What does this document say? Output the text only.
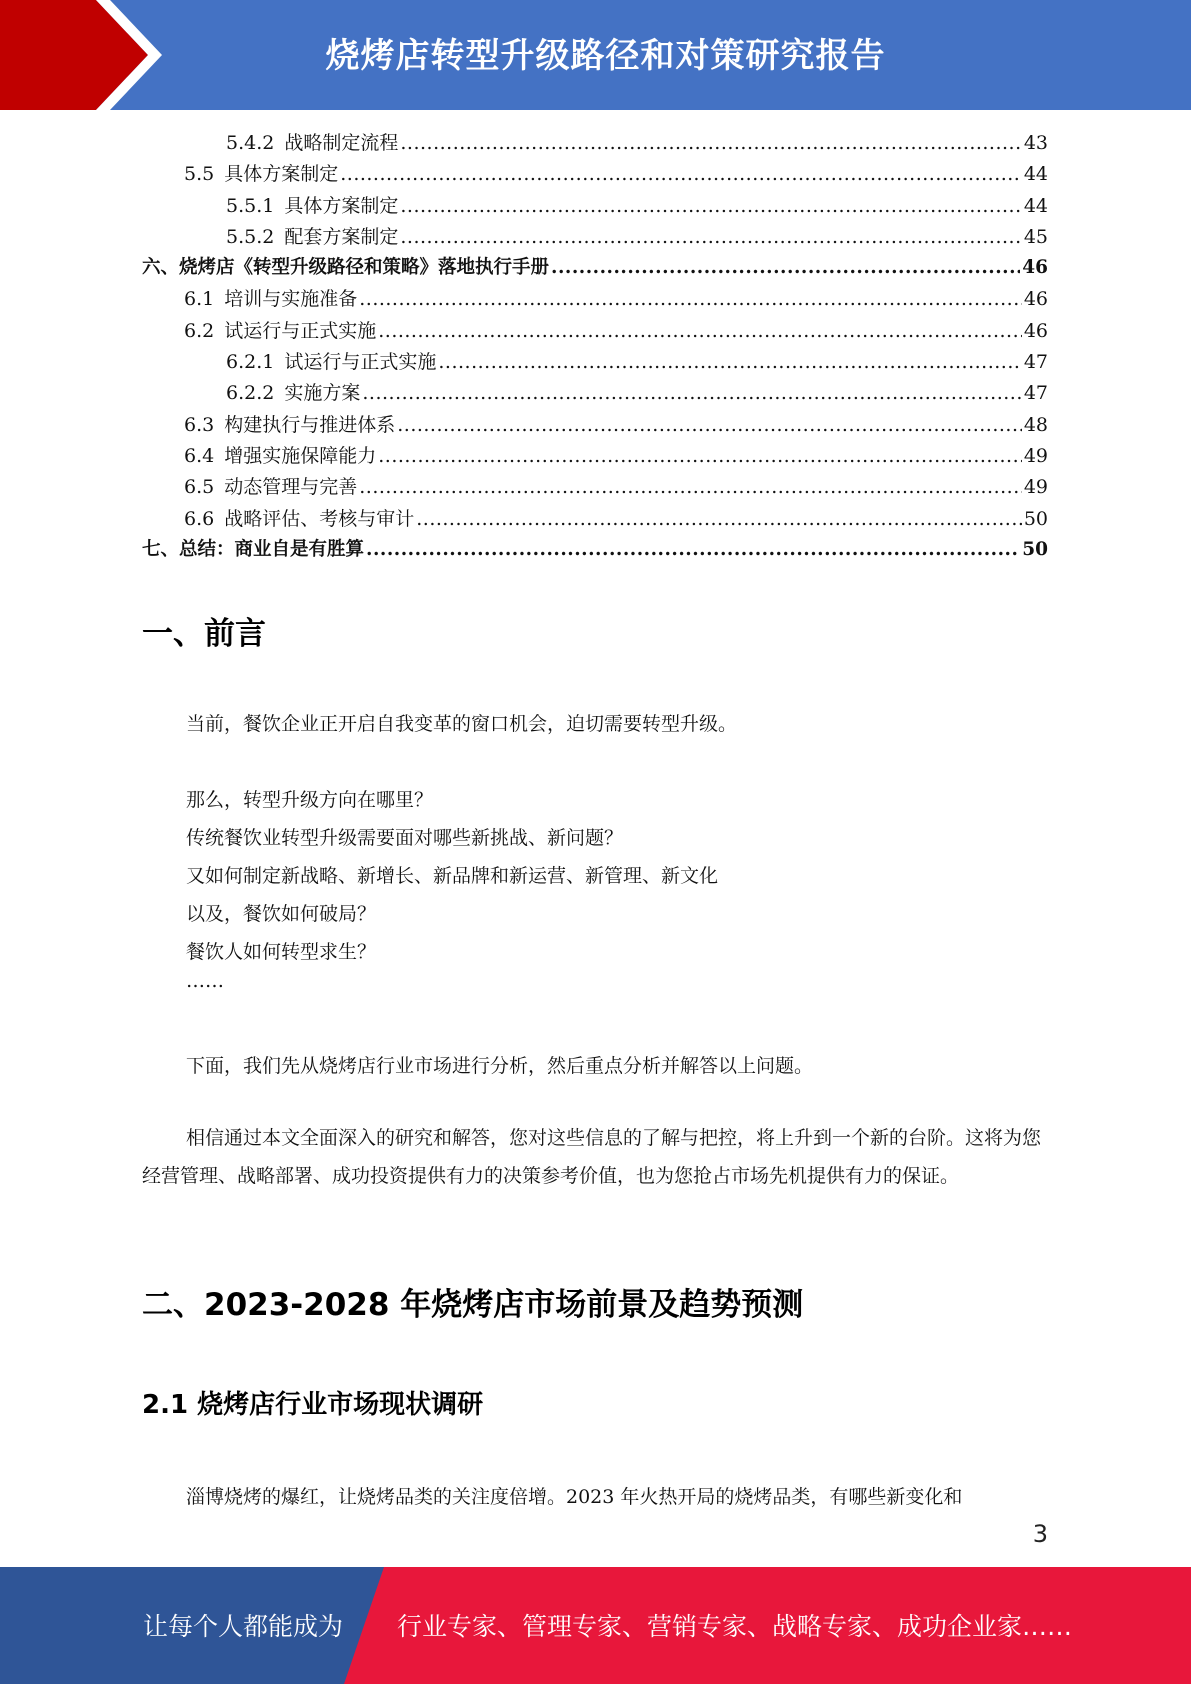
烧烤店转型升级路径和对策研究报告
5.4.2 战略制定流程 .....	43
5.5 具体方案制定 .....	44
5.5.1 具体方案制定 .....	44
5.5.2 配套方案制定 .....	45
六、烧烤店《转型升级路径和策略》落地执行手册 .....	46
6.1 培训与实施准备 .....	46
6.2 试运行与正式实施 .....	46
6.2.1 试运行与正式实施 .....	47
6.2.2 实施方案 .....	47
6.3 构建执行与推进体系 .....	48
6.4 增强实施保障能力 .....	49
6.5 动态管理与完善 .....	49
6.6 战略评估、考核与审计 .....	50
七、总结：商业自是有胜算 .....	50
一、前言
当前，餐饮企业正开启自我变革的窗口机会，迫切需要转型升级。
那么，转型升级方向在哪里？
传统餐饮业转型升级需要面对哪些新挑战、新问题？
又如何制定新战略、新增长、新品牌和新运营、新管理、新文化
以及，餐饮如何破局？
餐饮人如何转型求生？
……
下面，我们先从烧烤店行业市场进行分析，然后重点分析并解答以上问题。
相信通过本文全面深入的研究和解答，您对这些信息的了解与把控，将上升到一个新的台阶。这将为您经营管理、战略部署、成功投资提供有力的决策参考价值，也为您抢占市场先机提供有力的保证。
二、2023-2028 年烧烤店市场前景及趋势预测
2.1 烧烤店行业市场现状调研
淄博烧烤的爆红，让烧烤品类的关注度倍增。2023 年火热开局的烧烤品类，有哪些新变化和
3
让每个人都能成为 行业专家、管理专家、营销专家、战略专家、成功企业家……
